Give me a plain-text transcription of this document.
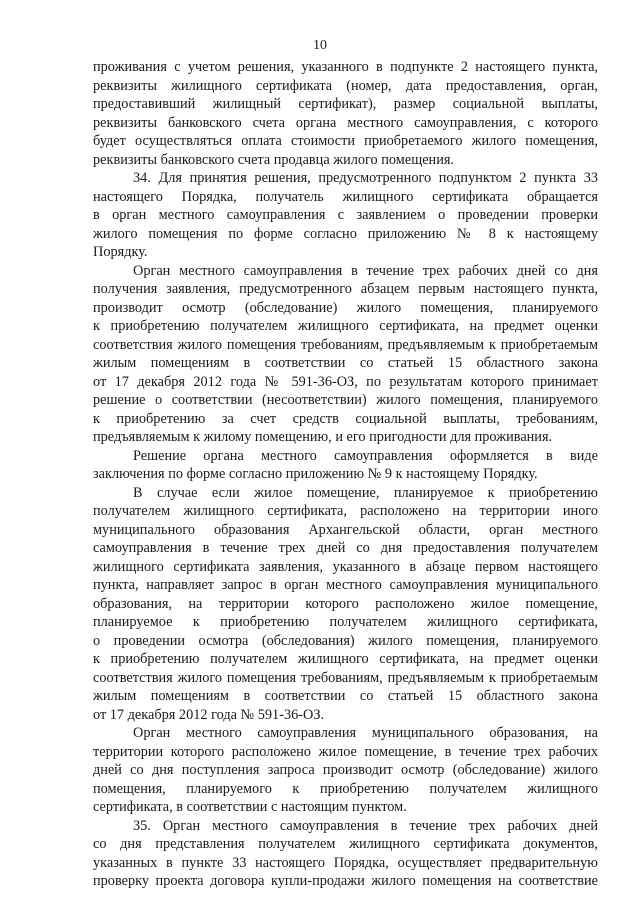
10
проживания с учетом решения, указанного в подпункте 2 настоящего пункта,
реквизиты жилищного сертификата (номер, дата предоставления, орган,
предоставивший жилищный сертификат), размер социальной выплаты,
реквизиты банковского счета органа местного самоуправления, с которого
будет осуществляться оплата стоимости приобретаемого жилого помещения,
реквизиты банковского счета продавца жилого помещения.
34. Для принятия решения, предусмотренного подпунктом 2 пункта 33
настоящего Порядка, получатель жилищного сертификата обращается
в орган местного самоуправления с заявлением о проведении проверки
жилого помещения по форме согласно приложению № 8 к настоящему
Порядку.
Орган местного самоуправления в течение трех рабочих дней со дня
получения заявления, предусмотренного абзацем первым настоящего пункта,
производит осмотр (обследование) жилого помещения, планируемого
к приобретению получателем жилищного сертификата, на предмет оценки
соответствия жилого помещения требованиям, предъявляемым к приобретаемым
жилым помещениям в соответствии со статьей 15 областного закона
от 17 декабря 2012 года № 591-36-ОЗ, по результатам которого принимает
решение о соответствии (несоответствии) жилого помещения, планируемого
к приобретению за счет средств социальной выплаты, требованиям,
предъявляемым к жилому помещению, и его пригодности для проживания.
Решение органа местного самоуправления оформляется в виде
заключения по форме согласно приложению № 9 к настоящему Порядку.
В случае если жилое помещение, планируемое к приобретению
получателем жилищного сертификата, расположено на территории иного
муниципального образования Архангельской области, орган местного
самоуправления в течение трех дней со дня предоставления получателем
жилищного сертификата заявления, указанного в абзаце первом настоящего
пункта, направляет запрос в орган местного самоуправления муниципального
образования, на территории которого расположено жилое помещение,
планируемое к приобретению получателем жилищного сертификата,
о проведении осмотра (обследования) жилого помещения, планируемого
к приобретению получателем жилищного сертификата, на предмет оценки
соответствия жилого помещения требованиям, предъявляемым к приобретаемым
жилым помещениям в соответствии со статьей 15 областного закона
от 17 декабря 2012 года № 591-36-ОЗ.
Орган местного самоуправления муниципального образования, на
территории которого расположено жилое помещение, в течение трех рабочих
дней со дня поступления запроса производит осмотр (обследование) жилого
помещения, планируемого к приобретению получателем жилищного
сертификата, в соответствии с настоящим пунктом.
35. Орган местного самоуправления в течение трех рабочих дней
со дня представления получателем жилищного сертификата документов,
указанных в пункте 33 настоящего Порядка, осуществляет предварительную
проверку проекта договора купли-продажи жилого помещения на соответствие
